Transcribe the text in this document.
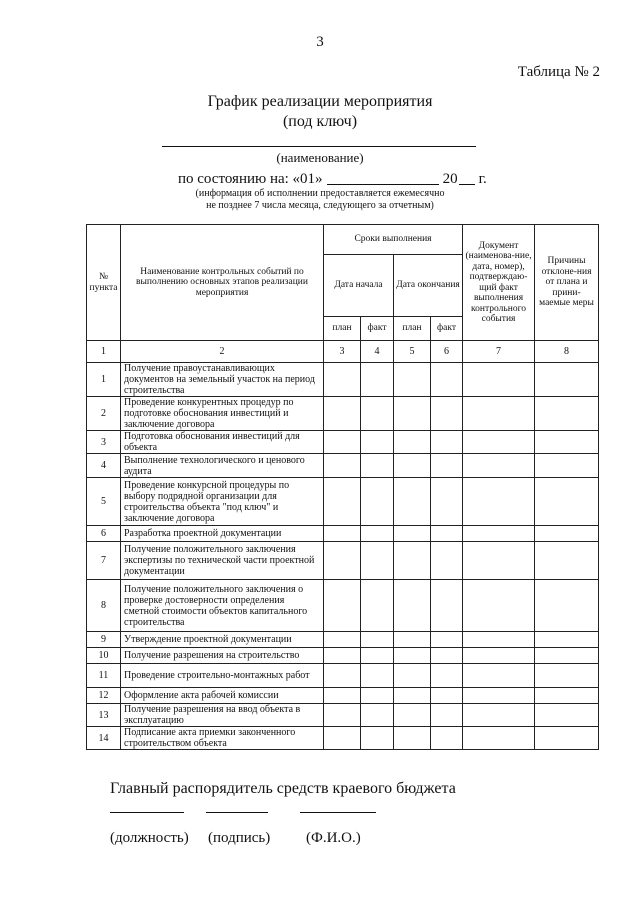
3
Таблица № 2
График реализации мероприятия
(под ключ)
(наименование)
по состоянию на: «01»	20 г.
(информация об исполнении предоставляется ежемесячно
не позднее 7 числа месяца, следующего за отчетным)
№ пункта	Наименование контрольных событий по выполнению основных этапов реализации мероприятия	Сроки выполнения				Документ (наименова-ние, дата, номер), подтверждаю-щий факт выполнения контрольного события	Причины отклоне-ния от плана и прини-маемые меры
		Дата начала		Дата окончания			
		план	факт	план	факт		
1	2	3	4	5	6	7	8
1	Получение правоустанавливающих документов на земельный участок на период строительства						
2	Проведение конкурентных процедур по подготовке обоснования инвестиций и заключение договора						
3	Подготовка обоснования инвестиций для объекта						
4	Выполнение технологического и ценового аудита						
5	Проведение конкурсной процедуры по выбору подрядной организации для строительства объекта "под ключ" и заключение договора						
6	Разработка проектной документации						
7	Получение положительного заключения экспертизы по технической части проектной документации						
8	Получение положительного заключения о проверке достоверности определения сметной стоимости объектов капитального строительства						
9	Утверждение проектной документации						
10	Получение разрешения на строительство						
11	Проведение строительно-монтажных работ						
12	Оформление акта рабочей комиссии						
13	Получение разрешения на ввод объекта в эксплуатацию						
14	Подписание акта приемки законченного строительством объекта						
Главный распорядитель средств краевого бюджета
(должность) (подпись) (Ф.И.О.)
